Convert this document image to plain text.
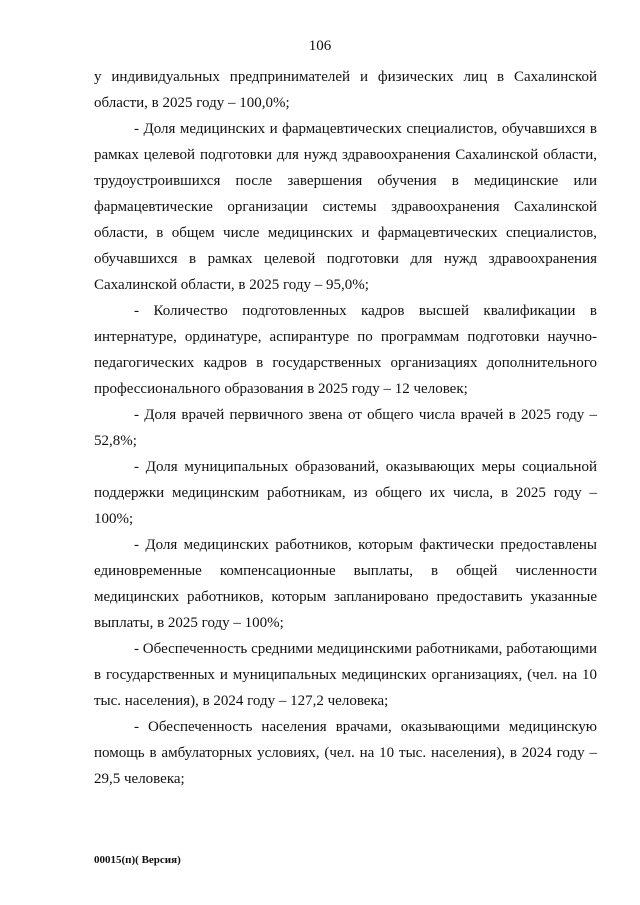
106

у индивидуальных предпринимателей и физических лиц в Сахалинской области, в 2025 году – 100,0%;

- Доля медицинских и фармацевтических специалистов, обучавшихся в рамках целевой подготовки для нужд здравоохранения Сахалинской области, трудоустроившихся после завершения обучения в медицинские или фармацевтические организации системы здравоохранения Сахалинской области, в общем числе медицинских и фармацевтических специалистов, обучавшихся в рамках целевой подготовки для нужд здравоохранения Сахалинской области, в 2025 году – 95,0%;

- Количество подготовленных кадров высшей квалификации в интернатуре, ординатуре, аспирантуре по программам подготовки научно-педагогических кадров в государственных организациях дополнительного профессионального образования в 2025 году – 12 человек;

- Доля врачей первичного звена от общего числа врачей в 2025 году – 52,8%;

- Доля муниципальных образований, оказывающих меры социальной поддержки медицинским работникам, из общего их числа, в 2025 году – 100%;

- Доля медицинских работников, которым фактически предоставлены единовременные компенсационные выплаты, в общей численности медицинских работников, которым запланировано предоставить указанные выплаты, в 2025 году – 100%;

- Обеспеченность средними медицинскими работниками, работающими в государственных и муниципальных медицинских организациях, (чел. на 10 тыс. населения), в 2024 году – 127,2 человека;

- Обеспеченность населения врачами, оказывающими медицинскую помощь в амбулаторных условиях, (чел. на 10 тыс. населения), в 2024 году – 29,5 человека;

00015(п)( Версия)
